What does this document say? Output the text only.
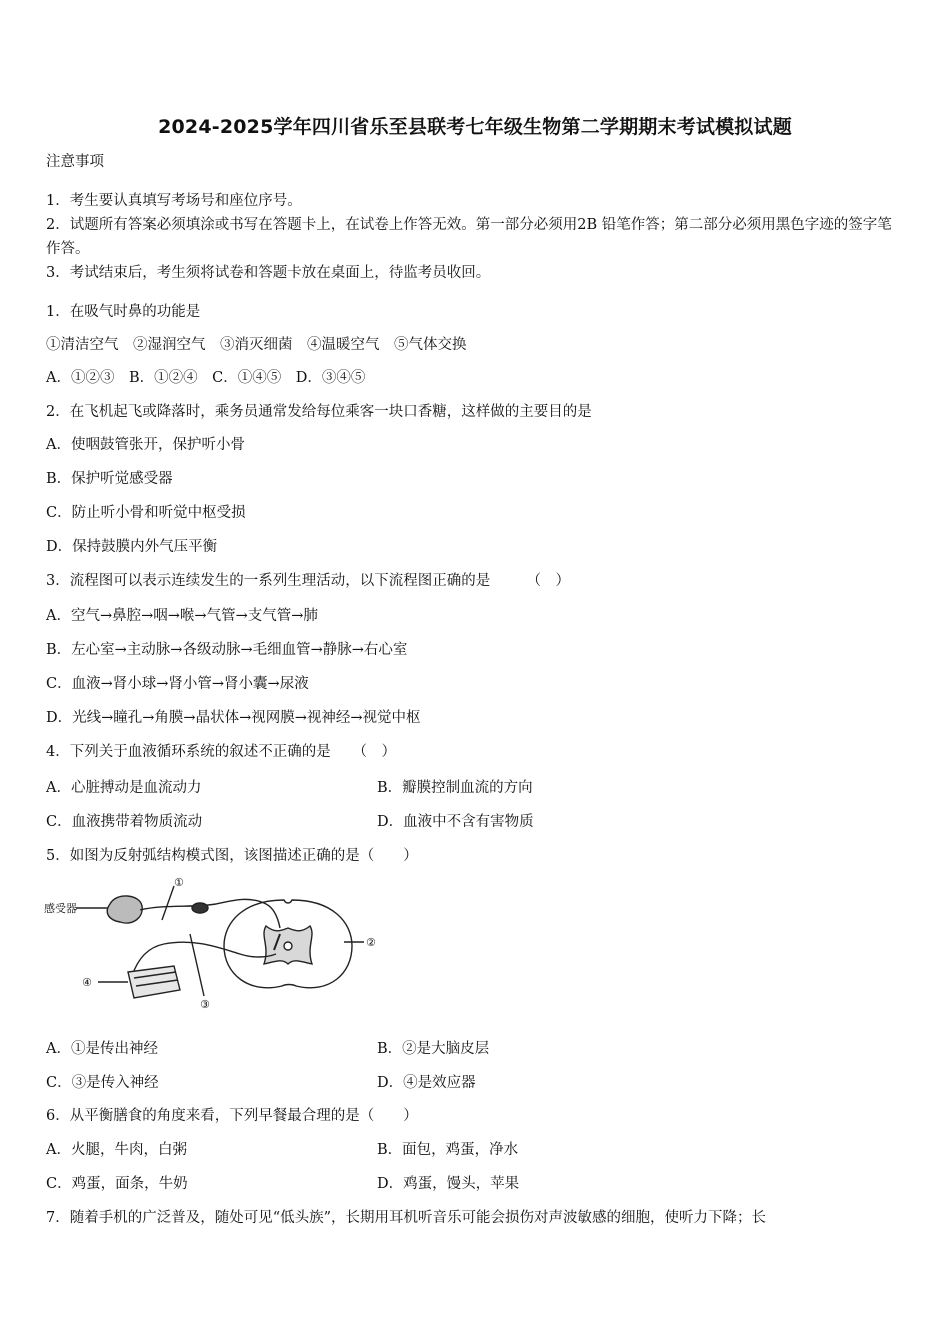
2024-2025学年四川省乐至县联考七年级生物第二学期期末考试模拟试题
注意事项
1．考生要认真填写考场号和座位序号。
2．试题所有答案必须填涂或书写在答题卡上，在试卷上作答无效。第一部分必须用2B 铅笔作答；第二部分必须用黑色字迹的签字笔作答。
3．考试结束后，考生须将试卷和答题卡放在桌面上，待监考员收回。
1．在吸气时鼻的功能是
①清洁空气　②湿润空气　③消灭细菌　④温暖空气　⑤气体交换
A．①②③　B．①②④　C．①④⑤　D．③④⑤
2．在飞机起飞或降落时，乘务员通常发给每位乘客一块口香糖，这样做的主要目的是
A．使咽鼓管张开，保护听小骨
B．保护听觉感受器
C．防止听小骨和听觉中枢受损
D．保持鼓膜内外气压平衡
3．流程图可以表示连续发生的一系列生理活动，以下流程图正确的是　　　（　）
A．空气→鼻腔→咽→喉→气管→支气管→肺
B．左心室→主动脉→各级动脉→毛细血管→静脉→右心室
C．血液→肾小球→肾小管→肾小囊→尿液
D．光线→瞳孔→角膜→晶状体→视网膜→视神经→视觉中枢
4．下列关于血液循环系统的叙述不正确的是　　（　）
A．心脏搏动是血流动力	B．瓣膜控制血流的方向
C．血液携带着物质流动	D．血液中不含有害物质
5．如图为反射弧结构模式图，该图描述正确的是（　　）
感受器
①
②
③
④
A．①是传出神经	B．②是大脑皮层
C．③是传入神经	D．④是效应器
6．从平衡膳食的角度来看，下列早餐最合理的是（　　）
A．火腿，牛肉，白粥	B．面包，鸡蛋，净水
C．鸡蛋，面条，牛奶	D．鸡蛋，馒头，苹果
7．随着手机的广泛普及，随处可见“低头族”，长期用耳机听音乐可能会损伤对声波敏感的细胞，使听力下降；长
